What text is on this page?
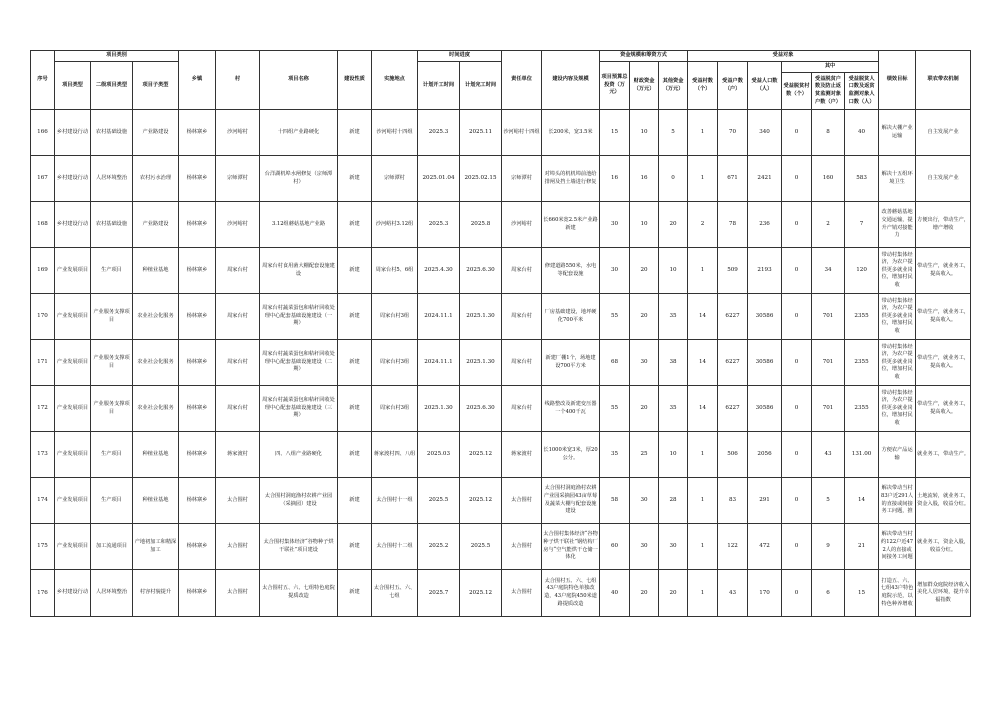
序号	项目类别			乡镇	村	项目名称	建设性质	实施地点	时间进度		责任单位	建设内容及规模	资金规模和筹资方式			受益对象						绩效目标	联农带农机制
	项目类型	二级项目类型	项目子类型						计划开工时间	计划完工时间			项目预算总投资（万元）	财政资金（万元）	其他资金（万元）	受益村数（个）	受益户数（户）	受益人口数（人）	其中				
																			受益脱贫村数（个）	受益脱贫户数及防止返贫监测对象户数（户）	受益脱贫人口数及返贫监测对象人口数（人）		
166	乡村建设行动	农村基础设施	产业路建设	杨林寨乡	沙河峪村	十四组产业路硬化	新建	沙河峪村十四组	2025.3	2025.11	沙河峪村十四组	长200米，宽3.5米	15	10	5	1	70	340	0	8	40	解决大棚产业运输	自主发展产业
167	乡村建设行动	人居环境整治	农村污水治理	杨林寨乡	宗师潭村	台洋湖机埠水闸修复（宗师潭村）	新建	宗师潭村	2025.01.04	2025.02.15	宗师潭村	对埠头的机机埠前池给排闸及挡土墙进行修复	16	16	0	1	671	2421	0	160	583	解决十五组环境卫生	自主发展产业
168	乡村建设行动	农村基础设施	产业路建设	杨林寨乡	沙河峪村	3.12组蘑菇基地产业路	新建	沙河峪村3.12组	2025.3	2025.8	沙河峪村	长660米宽2.5米产业路新建	30	10	20	2	78	236	0	2	7	改善蘑菇基地交通运输，提升产销对接能力	方便出行，带动生产，增产增收
169	产业发展项目	生产项目	种植业基地	杨林寨乡	周家台村	周家台村食用菌大棚配套设施建设	新建	周家台村5、6组	2025.4.30	2025.6.30	周家台村	修建道路550米，水电等配套设施	30	20	10	1	509	2193	0	34	120	带动村集体经济，为农户提供更多就业岗位，增加村民收	带动生产，就业务工，提高收入。
170	产业发展项目	产业服务支撑项目	农业社会化服务	杨林寨乡	周家台村	周家台村蔬菜蛋包和秸秆回收处理中心配套基础设施建设（一期）	新建	周家台村3组	2024.11.1	2025.1.30	周家台村	厂房基础建设，地坪硬化700平米	55	20	35	14	6227	30586	0	701	2355	带动村集体经济，为农户提供更多就业岗位，增加村民收	带动生产，就业务工，提高收入。
171	产业发展项目	产业服务支撑项目	农业社会化服务	杨林寨乡	周家台村	周家台村蔬菜蛋包和秸秆回收处理中心配套基础设施建设（二期）	新建	周家台村3组	2024.11.1	2025.1.30	周家台村	新建厂棚1个，场地建设700平方米	68	30	38	14	6227	30586	0	701	2355	带动村集体经济，为农户提供更多就业岗位，增加村民收	带动生产，就业务工，提高收入。
172	产业发展项目	产业服务支撑项目	农业社会化服务	杨林寨乡	周家台村	周家台村蔬菜蛋包和秸秆回收处理中心配套基础设施建设（三期）	新建	周家台村3组	2025.1.30	2025.6.30	周家台村	线路整改及新建变压器一个400千瓦	55	20	35	14	6227	30586	0	701	2355	带动村集体经济，为农户提供更多就业岗位，增加村民收	带动生产，就业务工，提高收入。
173	产业发展项目	生产项目	种植业基地	杨林寨乡	蒋家渡村	四、八组产业路硬化	新建	蒋家渡村四、八组	2025.03	2025.12	蒋家渡村	长1000米宽3米，厚20公分。	35	25	10	1	506	2056	0	43	131.00	方便农产品运输	就业务工，带动生产。
174	产业发展项目	生产项目	种植业基地	杨林寨乡	太合围村	太合围村洞庭渔村农耕产业园（采摘园）建设	新建	太合围村十一组	2025.5	2025.12	太合围村	太合围村洞庭渔村农耕产业园采摘园43亩草莓及蔬菜大棚与配套设施建设	58	30	28	1	83	291	0	5	14	解决带动当村83户近291人的直接或间接务工问题，推	土地流转，就业务工，资金入股，收益分红。
175	产业发展项目	加工流通项目	产地初加工和精深加工	杨林寨乡	太合围村	太合围村集体经济“谷物种子烘干联社”项目建设	新建	太合围村十二组	2025.2	2025.5	太合围村	太合围村集体经济“谷物种子烘干联社”钢结构厂房与“空气能烘干仓储一体化	60	30	30	1	122	472	0	9	21	解决带动当村约122户近472人的直接或间接务工问题	就业务工，资金入股，收益分红。
176	乡村建设行动	人居环境整治	村容村貌提升	杨林寨乡	太合围村	太合围村五、六、七组特色庭院提质改造	新建	太合围村五、六、七组	2025.7	2025.12	太合围村	太合围村五、六、七组43户庭院特色单独改造，43户庭院450米道路提质改造	40	20	20	1	43	170	0	6	15	打造五、六、七组43户特色庭院示范，以特色种养增收	增加群众庭院经济收入美化人居环境，提升幸福指数
